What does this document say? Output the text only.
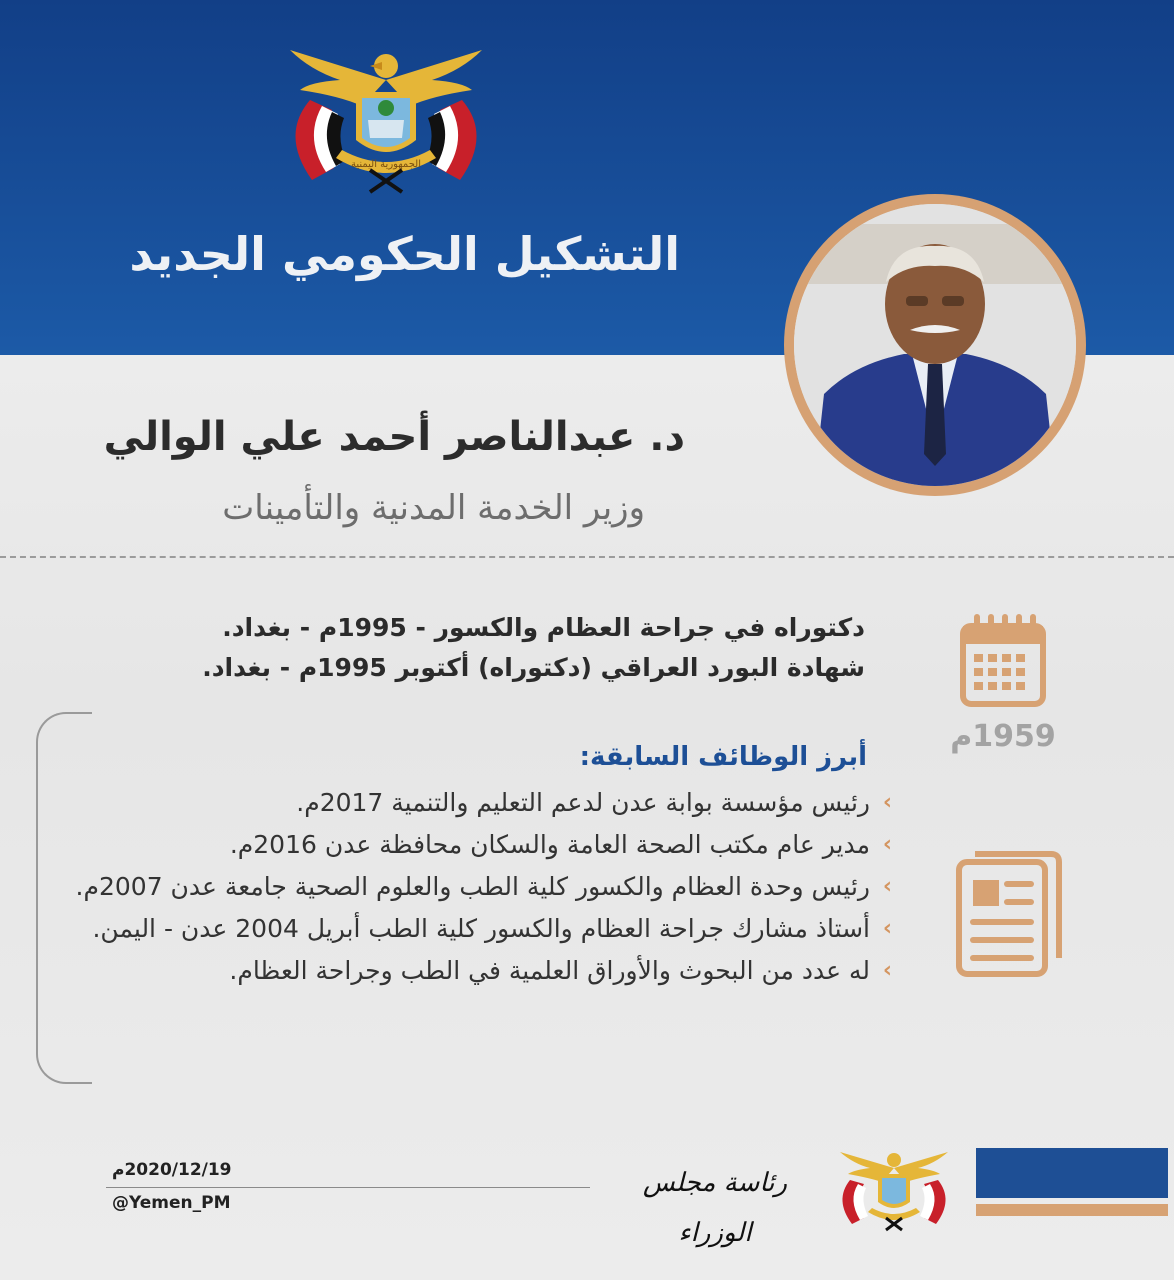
الجمهورية اليمنية
التشكيل الحكومي الجديد
د. عبدالناصر أحمد علي الوالي
وزير الخدمة المدنية والتأمينات
دكتوراه في جراحة العظام والكسور - 1995م - بغداد.
شهادة البورد العراقي (دكتوراه) أكتوبر 1995م - بغداد.
1959م
أبرز الوظائف السابقة:
›
رئيس مؤسسة بوابة عدن لدعم التعليم والتنمية 2017م.
›
مدير عام مكتب الصحة العامة والسكان محافظة عدن 2016م.
›
رئيس وحدة العظام والكسور كلية الطب والعلوم الصحية جامعة عدن 2007م.
›
أستاذ مشارك جراحة العظام والكسور كلية الطب أبريل 2004 عدن - اليمن.
›
له عدد من البحوث والأوراق العلمية في الطب وجراحة العظام.
2020/12/19م
@Yemen_PM
رئاسة مجلس الوزراء
